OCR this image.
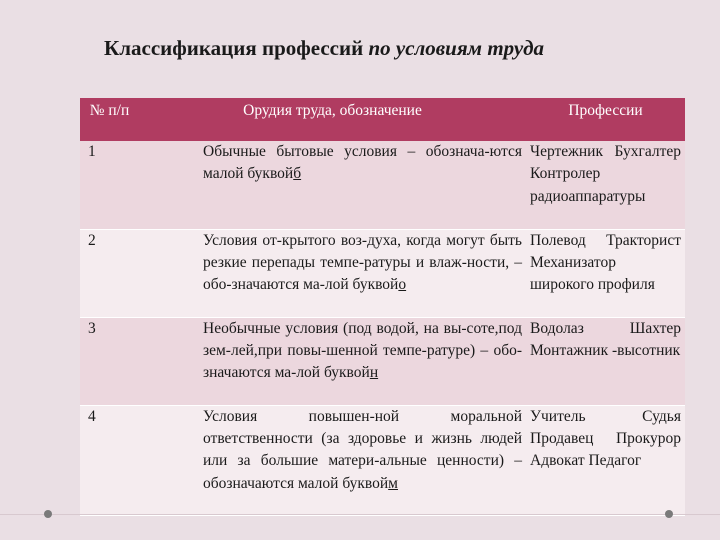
Классификация профессий по условиям труда
№ п/п	Орудия труда, обозначение	Профессии
1	Обычные бытовые условия – обознача-ются малой буквойб	Чертежник Бухгалтер Контролер радиоаппаратуры
2	Условия от-крытого воз-духа, когда могут быть резкие перепады темпе-ратуры и влаж-ности, – обо-значаются ма-лой буквойо	Полевод Тракторист Механизатор широкого профиля
3	Необычные условия (под водой, на вы-соте,под зем-лей,при повы-шенной темпе-ратуре) – обо-значаются ма-лой буквойн	Водолаз Шахтер Монтажник -высотник
4	Условия повышен-ной моральной ответственности (за здоровье и жизнь людей или за большие матери-альные ценности) – обозначаются малой буквойм	Учитель Судья Продавец Прокурор Адвокат Педагог
